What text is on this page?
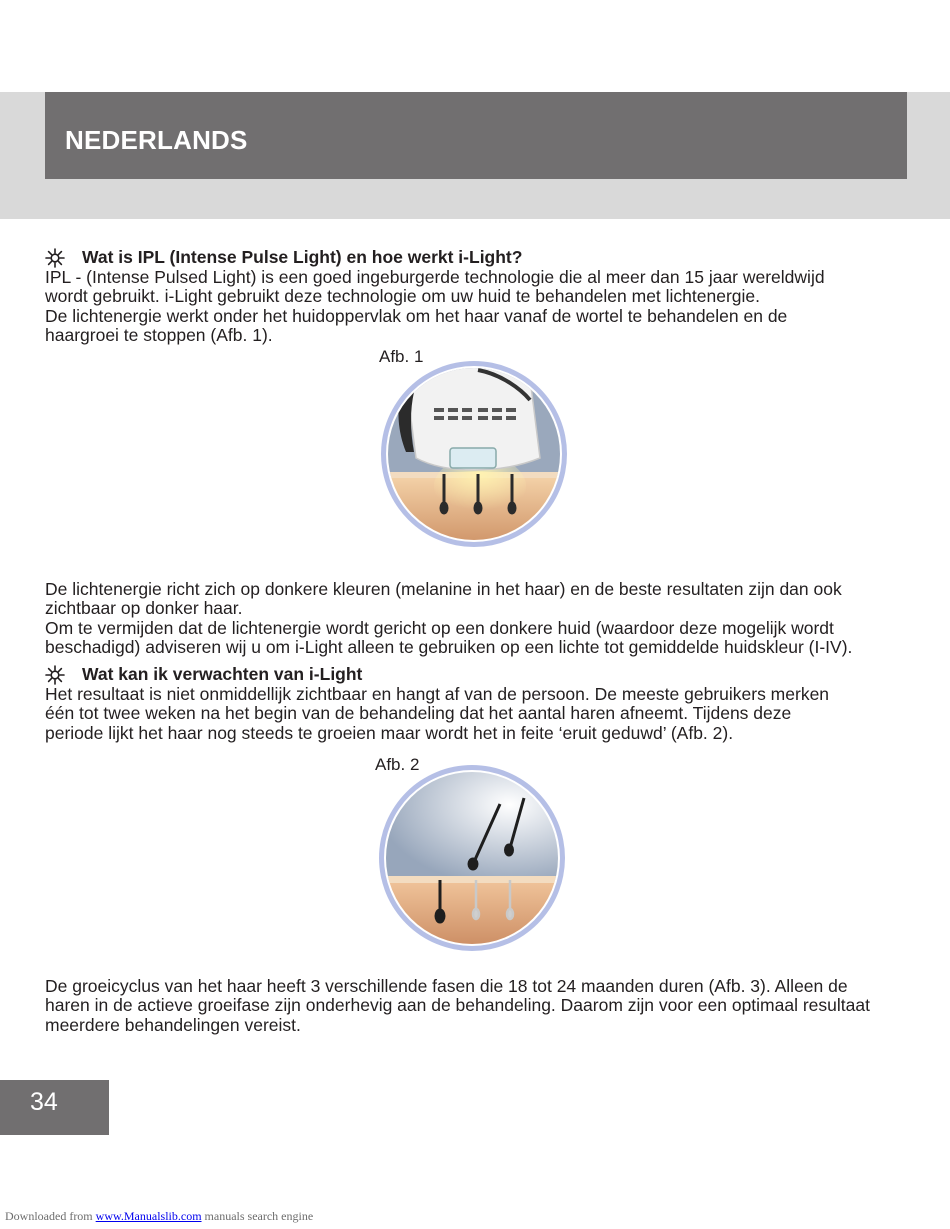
NEDERLANDS
Wat is IPL (Intense Pulse Light) en hoe werkt i-Light?

IPL - (Intense Pulsed Light) is een goed ingeburgerde technologie die al meer dan 15 jaar wereldwijd

wordt gebruikt. i-Light gebruikt deze technologie om uw huid te behandelen met lichtenergie.

De lichtenergie werkt onder het huidoppervlak om het haar vanaf de wortel te behandelen en de

haargroei te stoppen (Afb. 1).

Afb. 1

De lichtenergie richt zich op donkere kleuren (melanine in het haar) en de beste resultaten zijn dan ook

zichtbaar op donker haar.

Om te vermijden dat de lichtenergie wordt gericht op een donkere huid (waardoor deze mogelijk wordt

beschadigd) adviseren wij u om i-Light alleen te gebruiken op een lichte tot gemiddelde huidskleur (I-IV).

Wat kan ik verwachten van i-Light

Het resultaat is niet onmiddellijk zichtbaar en hangt af van de persoon. De meeste gebruikers merken

één tot twee weken na het begin van de behandeling dat het aantal haren afneemt. Tijdens deze

periode lijkt het haar nog steeds te groeien maar wordt het in feite ‘eruit geduwd’ (Afb. 2).

Afb. 2

De groeicyclus van het haar heeft 3 verschillende fasen die 18 tot 24 maanden duren (Afb. 3). Alleen de

haren in de actieve groeifase zijn onderhevig aan de behandeling. Daarom zijn voor een optimaal resultaat

meerdere behandelingen vereist.

34
Downloaded from www.Manualslib.com manuals search engine
